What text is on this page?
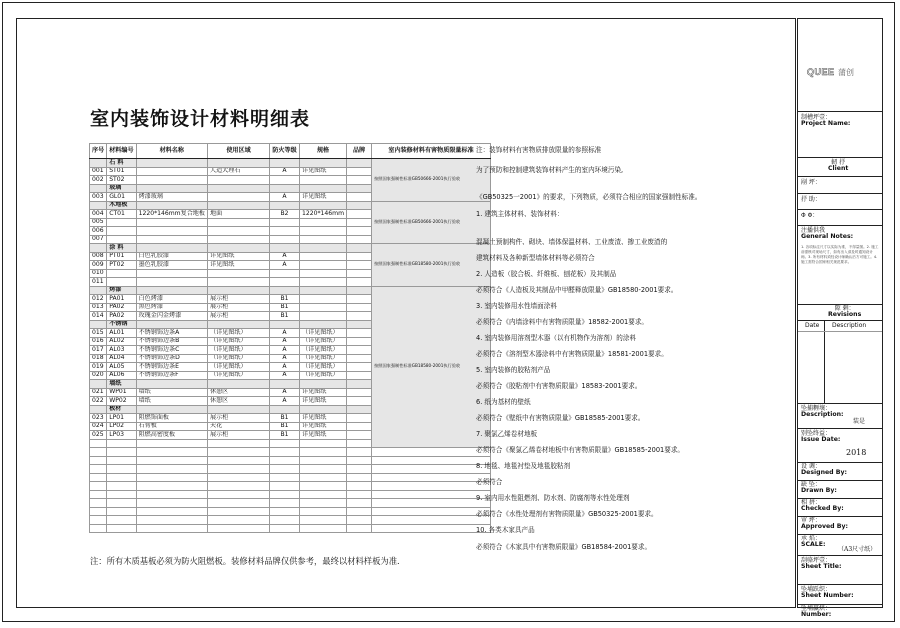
室内装饰设计材料明细表
序号	材料编号	材料名称	使用区域	防火等级	规格	品牌	室内装修材料有害物质限量标准
	石 料						按照国家强制性标准GB50666-2001执行验收
001	ST01		人造大理石	A	详见图纸		
002	ST02						
	玻璃						
003	GL01	烤漆玻璃		A	详见图纸		
	木地板						按照国家强制性标准GB50666-2001执行验收
004	CT01	1220*146mm复合地板	地面	B2	1220*146mm		
005							
006							
007							
	涂 料						按照国家强制性标准GB18580-2001执行验收
008	PT01	白色乳胶漆	详见图纸	A			
009	PT02	墨色乳胶漆	详见图纸	A			
010							
011							
	烤漆						按照国家强制性标准GB18580-2001执行验收
012	PA01	白色烤漆	展示柜	B1			
013	PA02	黑色烤漆	展示柜	B1			
014	PA02	玫瑰金闪金烤漆	展示柜	B1			
	不锈钢						
015	AL01	不锈钢饰边条A	（详见图纸）	A	（详见图纸）		
016	AL02	不锈钢饰边条B	（详见图纸）	A	（详见图纸）		
017	AL03	不锈钢饰边条C	（详见图纸）	A	（详见图纸）		
018	AL04	不锈钢饰边条D	（详见图纸）	A	（详见图纸）		
019	AL05	不锈钢饰边条E	（详见图纸）	A	（详见图纸）		
020	AL06	不锈钢饰边条F	（详见图纸）	A	（详见图纸）		
	墙纸						
021	WP01	墙纸	休憩区	A	详见图纸		
022	WP02	墙纸	休憩区	A	详见图纸		
	板材						
023	LP01	阻燃饰面板	展示柜	B1	详见图纸		
024	LP02	石膏板	天花	B1	详见图纸		
025	LP03	阻燃高密度板	展示柜	B1	详见图纸		

注：装饰材料有害物质排放限量的参照标准
为了预防和控制建筑装饰材料产生的室内环境污染,
《GB50325一2001》的要求，下列物质，必须符合相应的国家强制性标准。
1. 建筑主体材料、装饰材料：
混凝土预制构件、砌块、墙体保温材料、工业废渣、掺工业废渣的
建筑材料及各种新型墙体材料等必须符合
2. 人造板（胶合板、纤维板、刨花板）及其制品
必须符合《人造板及其制品中甲醛释放限量》GB18580-2001要求。
3. 室内装修用水性墙面涂料
必须符合《内墙涂料中有害物质限量》18582-2001要求。
4. 室内装修用溶剂型木器（以有机物作为溶剂）的涂料
必须符合《溶剂型木器涂料中有害物质限量》18581-2001要求。
5. 室内装修的胶粘剂产品
必须符合《胶粘剂中有害物质限量》18583-2001要求。
6. 纸为基材的壁纸
必须符合《壁纸中有害物质限量》GB18585-2001要求。
7. 聚氯乙烯卷材地板
必须符合《聚氯乙烯卷材地板中有害物质限量》GB18585-2001要求。
8. 地毯、地毯衬垫及地毯胶粘剂
必须符合
9. 室内用水性阻燃剂、防水剂、防腐剂等水性处理剂
必须符合《水性处理剂有害物质限量》GB50325-2001要求。
10. 各类木家具产品
必须符合《木家具中有害物质限量》GB18584-2001要求。
注：所有木质基板必须为防火阻燃板。装修材料品牌仅供参考，最终以材料样板为准.
QUEE 蒲创
制槽坪壹：
Project Name:
軔 抒
Client
剐 坪：
抒 助：
Φ Φ：
注播供我
General Notes:
1. 各项标注尺寸以实际为准，不得量图。2. 施工前需核对现场尺寸，如有出入请及时通知设计师。3. 所有材料须经设计师确认后方可施工。4. 施工需符合国家相关规范要求。
隙 剩：
Revisions
Date Description
坠捕糎壤：
Description:
装是
别坠终益：
Issue Date:
2018
设 调：
Designed By:
缺 坠：
Drawn By:
相 拼：
Checked By:
审 坪：
Approved By:
承 焰：
SCALE:
（A3尺寸纸）
刮骆坪壹：
Sheet Title:
坠埔跃织：
Sheet Number:
坠埔赢烘：
Number:
